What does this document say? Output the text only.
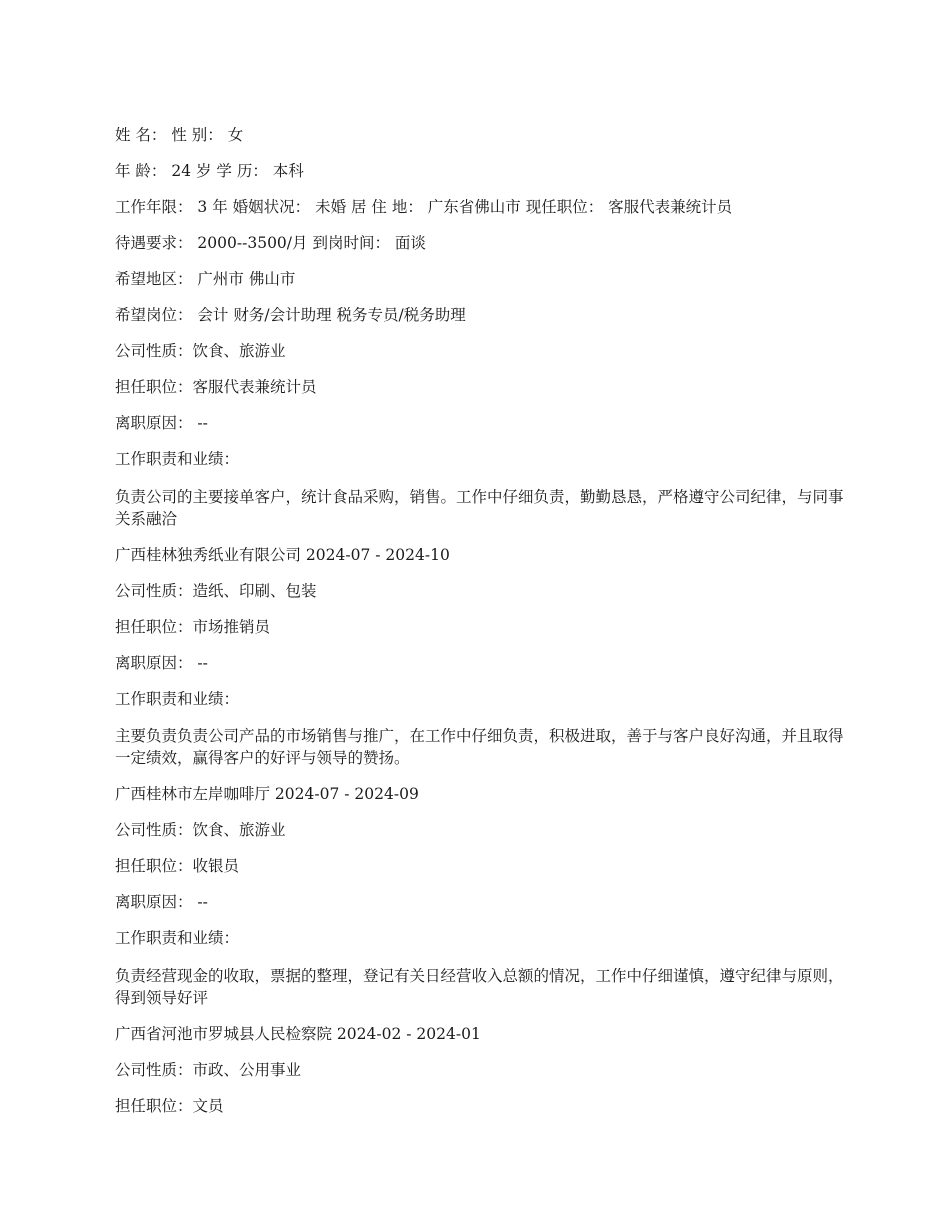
姓 名： 性 别： 女

年 龄： 24 岁 学 历： 本科

工作年限： 3 年 婚姻状况： 未婚 居 住 地： 广东省佛山市 现任职位： 客服代表兼统计员

待遇要求： 2000--3500/月 到岗时间： 面谈

希望地区： 广州市 佛山市

希望岗位： 会计 财务/会计助理 税务专员/税务助理

公司性质：饮食、旅游业

担任职位：客服代表兼统计员

离职原因： --

工作职责和业绩：

负责公司的主要接单客户，统计食品采购，销售。工作中仔细负责，勤勤恳恳，严格遵守公司纪律，与同事关系融洽

广西桂林独秀纸业有限公司 2024-07 - 2024-10

公司性质：造纸、印刷、包装

担任职位：市场推销员

离职原因： --

工作职责和业绩：

主要负责负责公司产品的市场销售与推广，在工作中仔细负责，积极进取，善于与客户良好沟通，并且取得一定绩效，赢得客户的好评与领导的赞扬。

广西桂林市左岸咖啡厅 2024-07 - 2024-09

公司性质：饮食、旅游业

担任职位：收银员

离职原因： --

工作职责和业绩：

负责经营现金的收取，票据的整理，登记有关日经营收入总额的情况，工作中仔细谨慎，遵守纪律与原则，得到领导好评

广西省河池市罗城县人民检察院 2024-02 - 2024-01

公司性质：市政、公用事业

担任职位：文员
